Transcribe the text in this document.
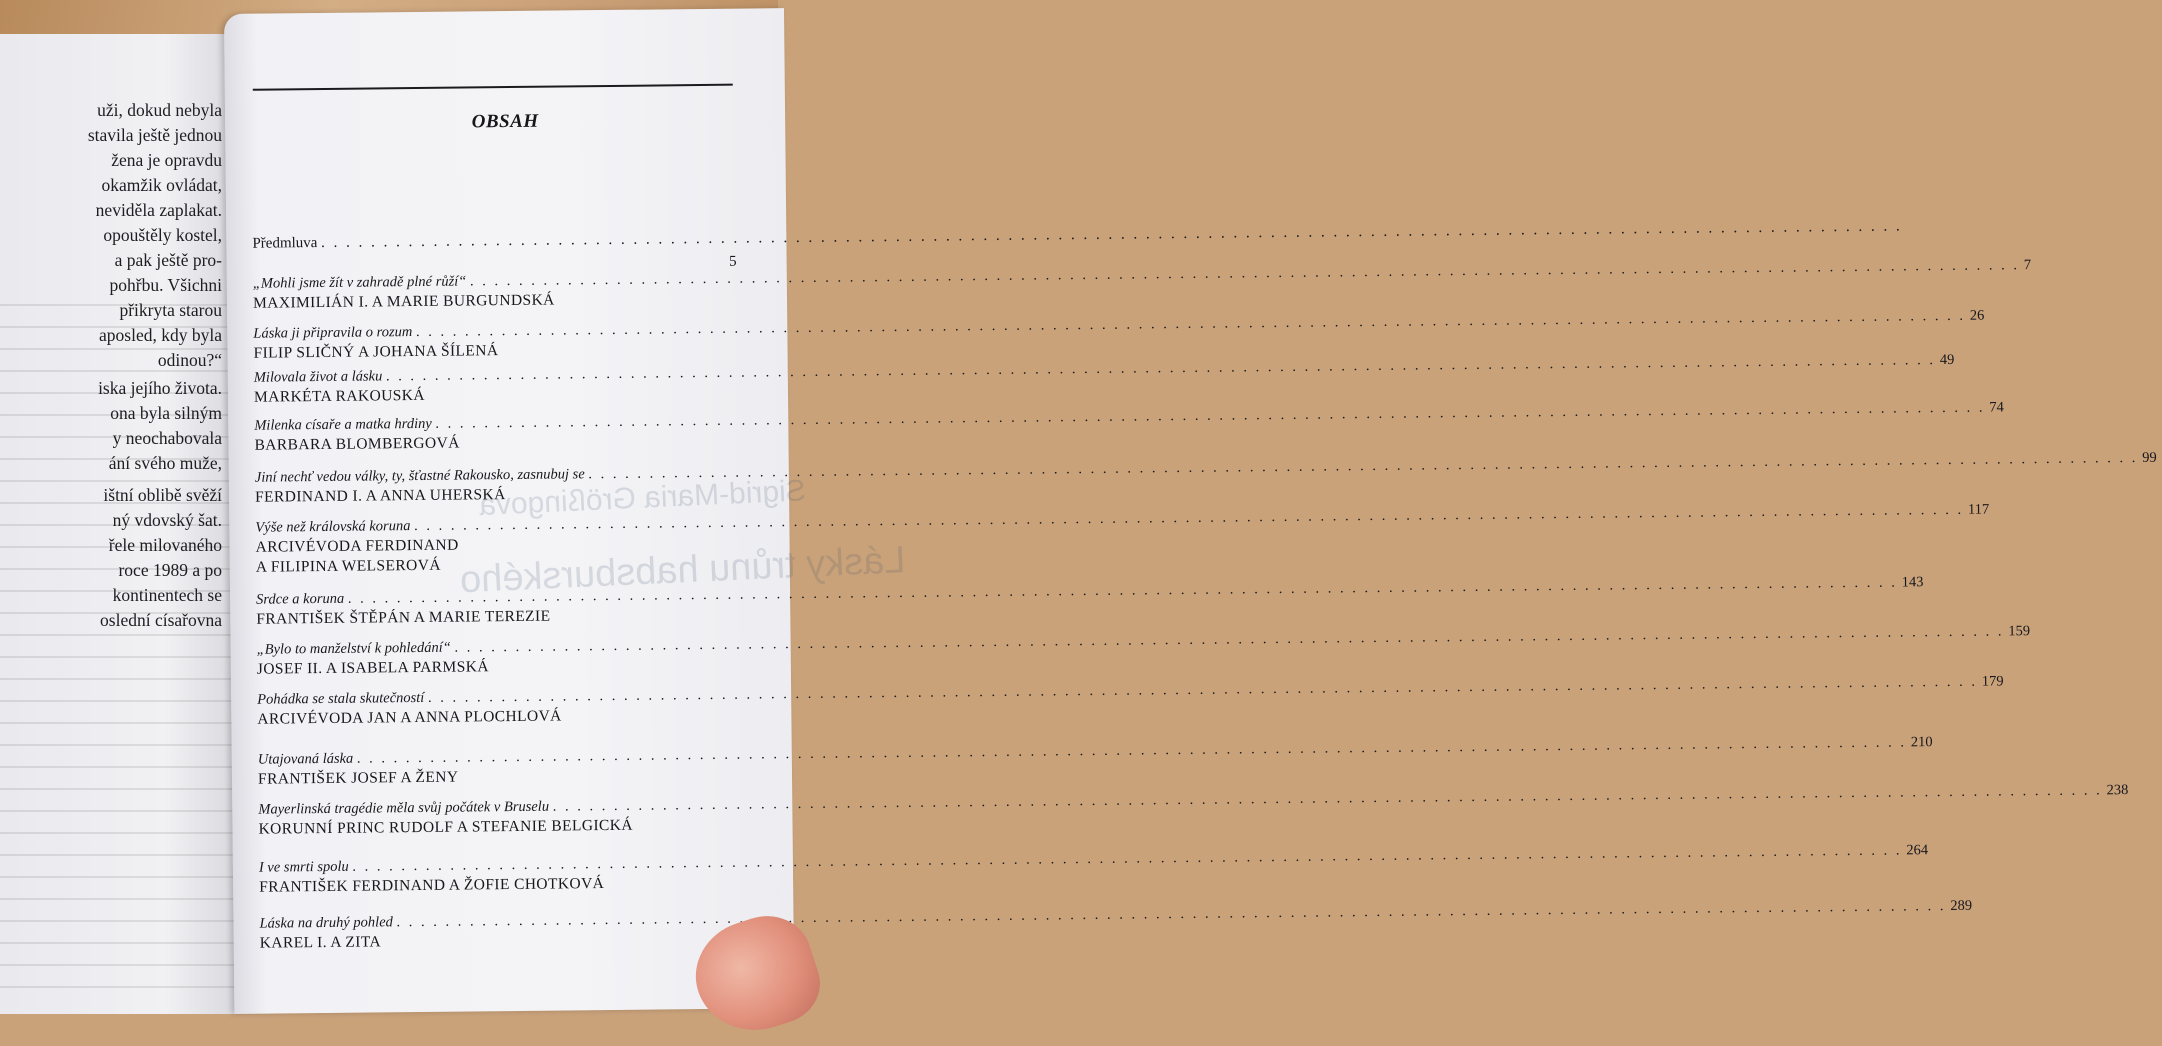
uži, dokud nebyla
stavila ještě jednou
žena je opravdu
okamžik ovládat,
neviděla zaplakat.
opouštěly kostel,
a pak ještě pro-
pohřbu. Všichni
přikryta starou
aposled, kdy byla
odinou?“
iska jejího života.
ona byla silným
y neochabovala
ání svého muže,
ištní oblibě svěží
ný vdovský šat.
řele milovaného
roce 1989 a po
kontinentech se
oslední císařovna
Sigrid-Maria Größingová
Lásky trůnu habsburského
OBSAH
Předmluva
. . .
5
„Mohli jsme žít v zahradě plné růží“
. . .
7
MAXIMILIÁN I. A MARIE BURGUNDSKÁ
Láska ji připravila o rozum
. . .
26
FILIP SLIČNÝ A JOHANA ŠÍLENÁ
Milovala život a lásku
. . .
49
MARKÉTA RAKOUSKÁ
Milenka císaře a matka hrdiny
. . .
74
BARBARA BLOMBERGOVÁ
Jiní nechť vedou války, ty, šťastné Rakousko, zasnubuj se
. . .
99
FERDINAND I. A ANNA UHERSKÁ
Výše než královská koruna
. . .
117
ARCIVÉVODA FERDINAND
A FILIPINA WELSEROVÁ
Srdce a koruna
. . .
143
FRANTIŠEK ŠTĚPÁN A MARIE TEREZIE
„Bylo to manželství k pohledání“
. . .
159
JOSEF II. A ISABELA PARMSKÁ
Pohádka se stala skutečností
. . .
179
ARCIVÉVODA JAN A ANNA PLOCHLOVÁ
Utajovaná láska
. . .
210
FRANTIŠEK JOSEF A ŽENY
Mayerlinská tragédie měla svůj počátek v Bruselu
. . .
238
KORUNNÍ PRINC RUDOLF A STEFANIE BELGICKÁ
I ve smrti spolu
. . .
264
FRANTIŠEK FERDINAND A ŽOFIE CHOTKOVÁ
Láska na druhý pohled
. . .
289
KAREL I. A ZITA
